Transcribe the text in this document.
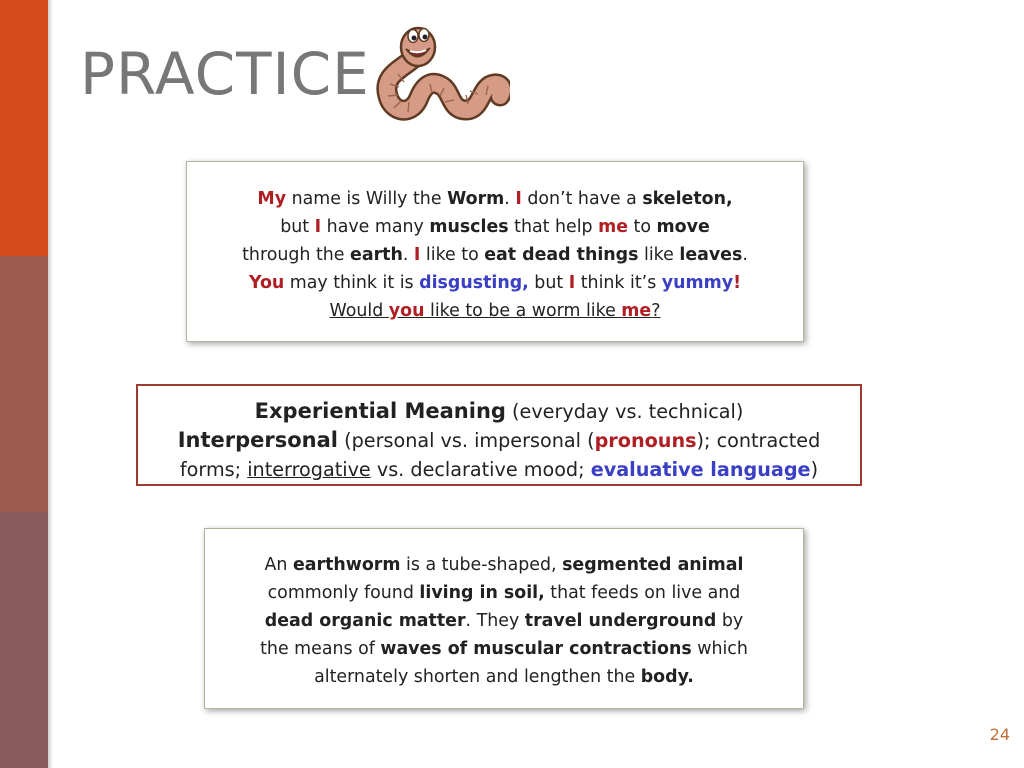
PRACTICE
My name is Willy the Worm. I don’t have a skeleton,
but I have many muscles that help me to move
through the earth. I like to eat dead things like leaves.
You may think it is disgusting, but I think it’s yummy!
Would you like to be a worm like me?
Experiential Meaning (everyday vs. technical)
Interpersonal (personal vs. impersonal (pronouns); contracted
forms; interrogative vs. declarative mood; evaluative language)
An earthworm is a tube-shaped, segmented animal
commonly found living in soil, that feeds on live and
dead organic matter. They travel underground by
the means of waves of muscular contractions which
alternately shorten and lengthen the body.
24
